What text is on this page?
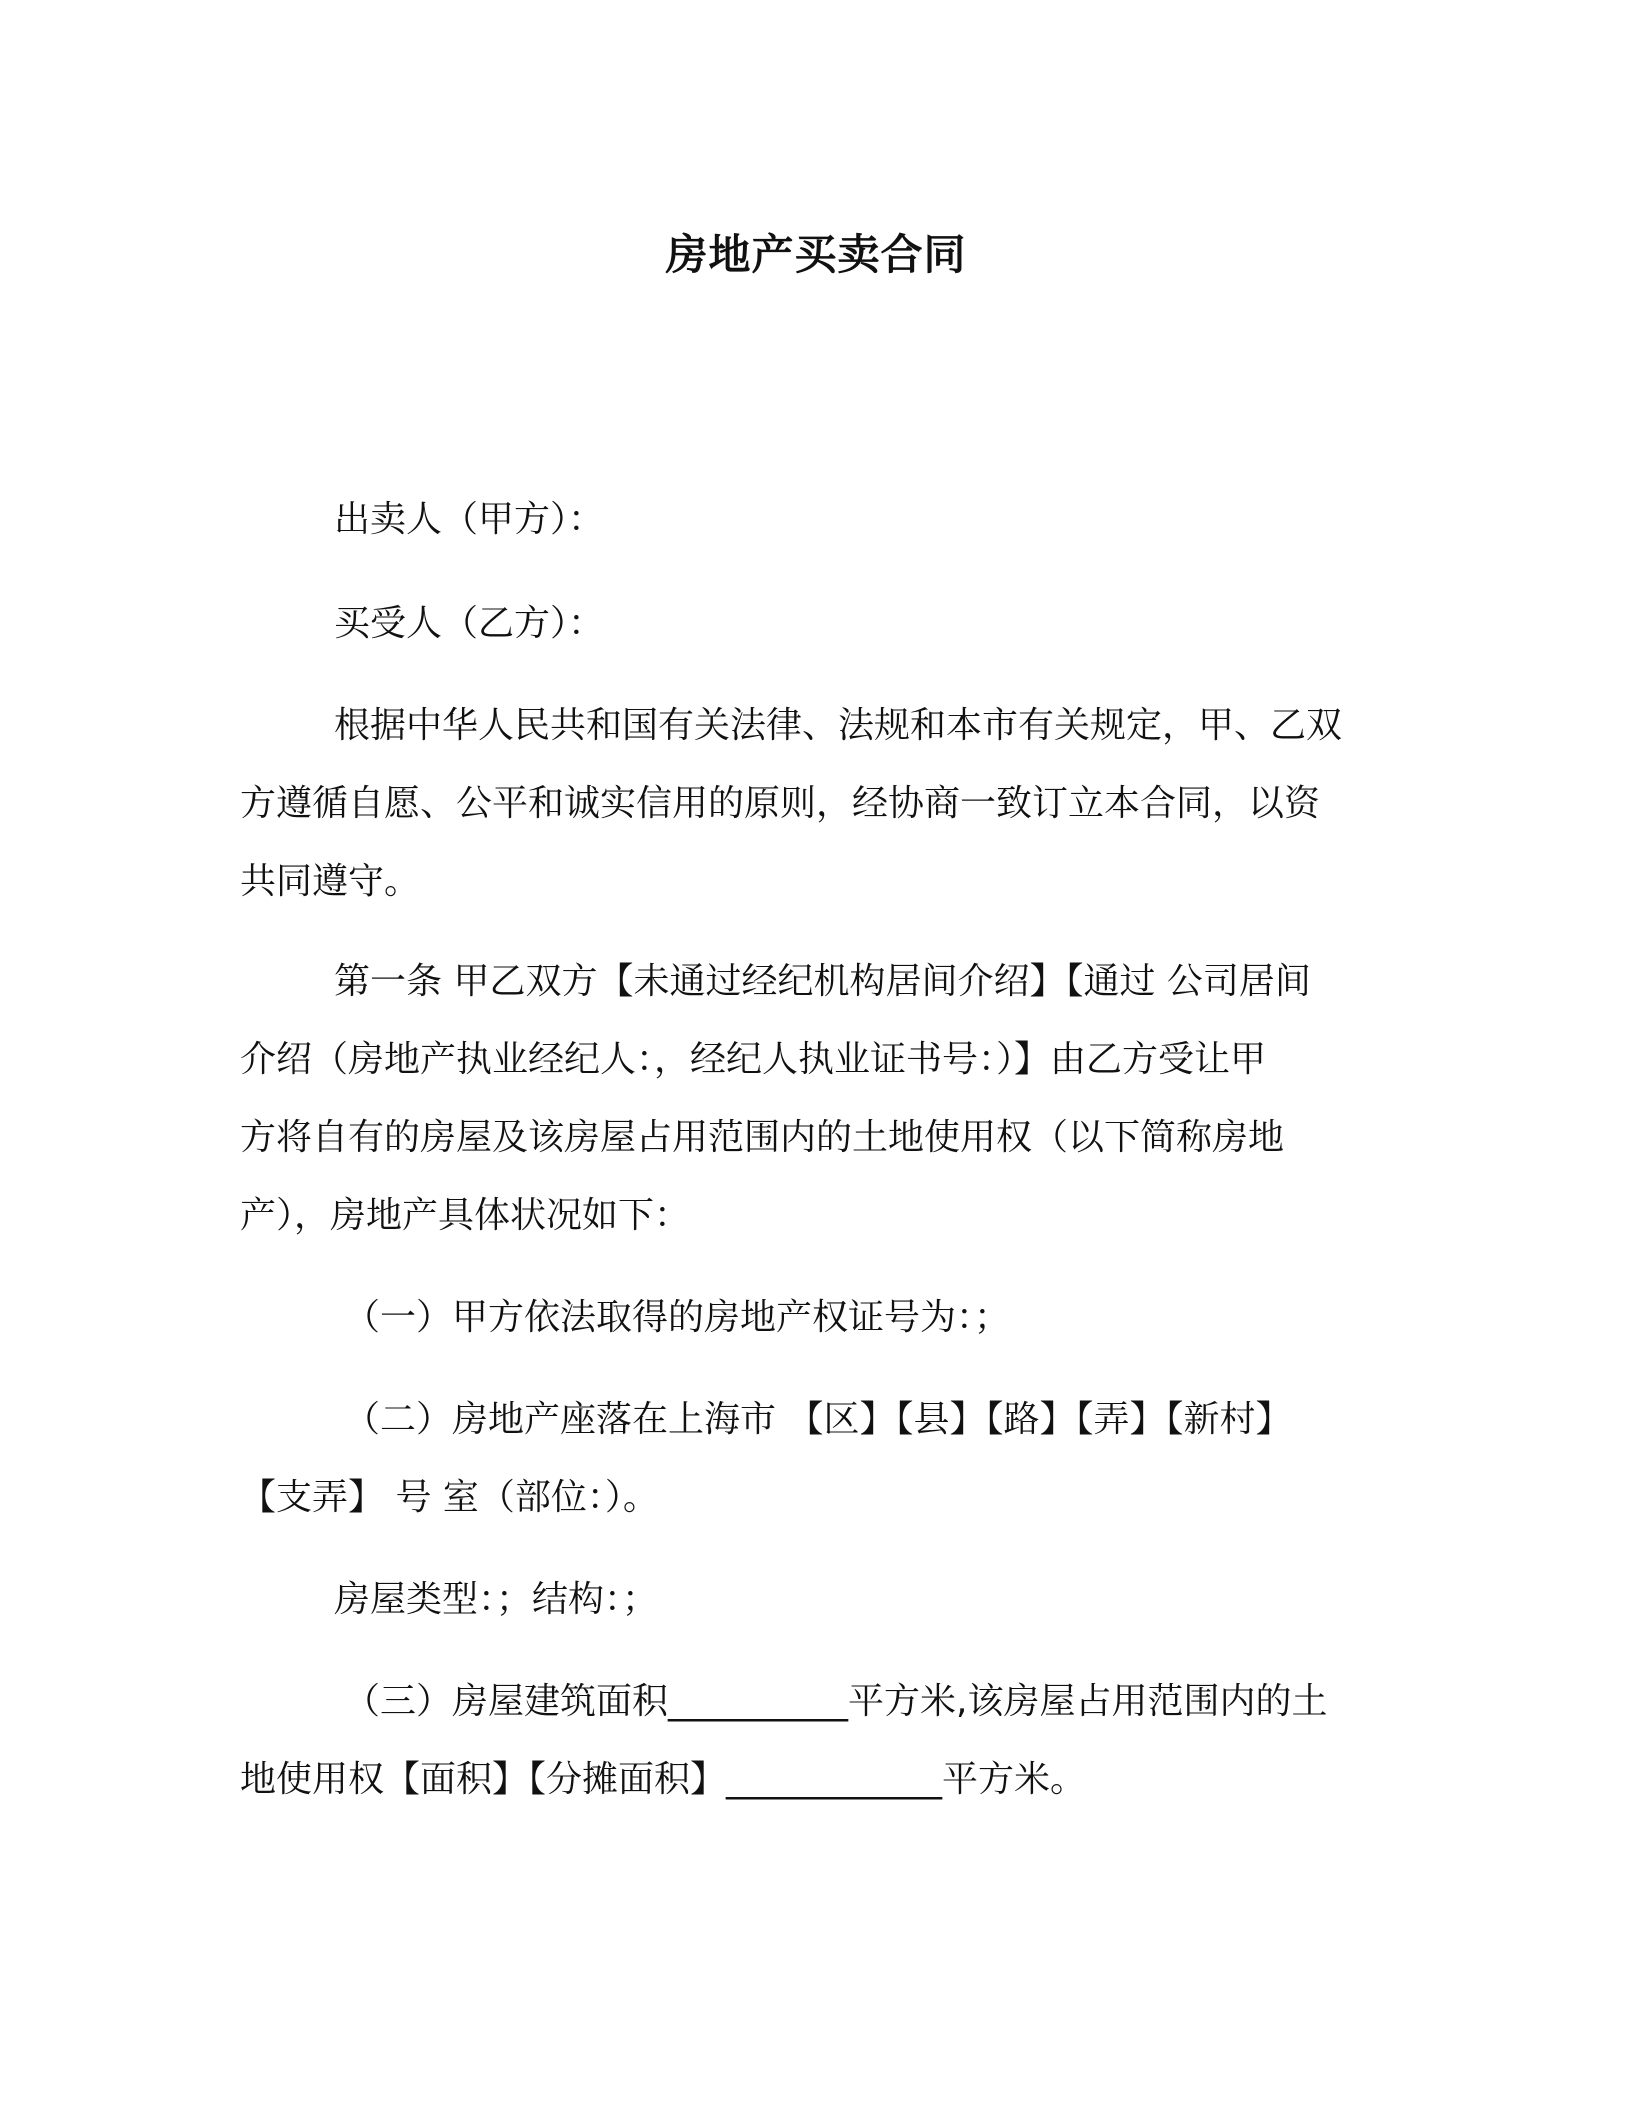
房地产买卖合同
出卖人（甲方）：
买受人（乙方）：
根据中华人民共和国有关法律、法规和本市有关规定，甲、乙双
方遵循自愿、公平和诚实信用的原则，经协商一致订立本合同，以资
共同遵守。
第一条 甲乙双方【未通过经纪机构居间介绍】【通过 公司居间
介绍（房地产执业经纪人：，经纪人执业证书号：）】由乙方受让甲
方将自有的房屋及该房屋占用范围内的土地使用权（以下简称房地
产），房地产具体状况如下：
（一）甲方依法取得的房地产权证号为：；
（二）房地产座落在上海市 【区】【县】【路】【弄】【新村】
【支弄】 号 室（部位：）。
房屋类型：；结构：；
（三）房屋建筑面积__________平方米,该房屋占用范围内的土
地使用权【面积】【分摊面积】____________平方米。
